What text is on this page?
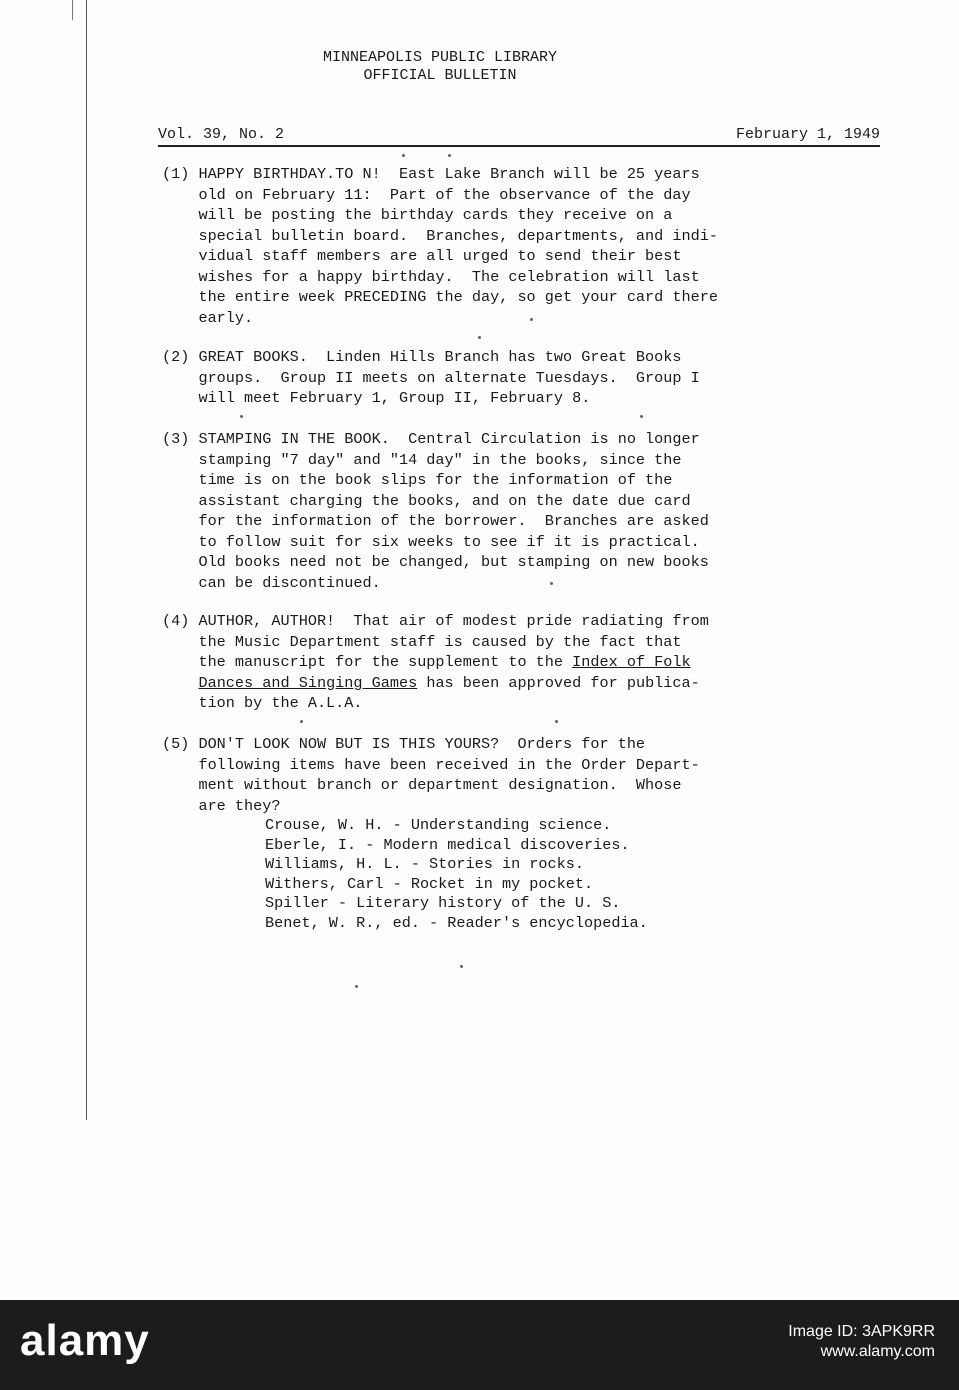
MINNEAPOLIS PUBLIC LIBRARY
OFFICIAL BULLETIN
Vol. 39, No. 2	February 1, 1949
(1) HAPPY BIRTHDAY.TO N!  East Lake Branch will be 25 years
old on February 11:  Part of the observance of the day
will be posting the birthday cards they receive on a
special bulletin board.  Branches, departments, and indi-
vidual staff members are all urged to send their best
wishes for a happy birthday.  The celebration will last
the entire week PRECEDING the day, so get your card there
early.
(2) GREAT BOOKS.  Linden Hills Branch has two Great Books
groups.  Group II meets on alternate Tuesdays.  Group I
will meet February 1, Group II, February 8.
(3) STAMPING IN THE BOOK.  Central Circulation is no longer
stamping "7 day" and "14 day" in the books, since the
time is on the book slips for the information of the
assistant charging the books, and on the date due card
for the information of the borrower.  Branches are asked
to follow suit for six weeks to see if it is practical.
Old books need not be changed, but stamping on new books
can be discontinued.
(4) AUTHOR, AUTHOR!  That air of modest pride radiating from
the Music Department staff is caused by the fact that
the manuscript for the supplement to the Index of Folk
Dances and Singing Games has been approved for publica-
tion by the A.L.A.
(5) DON'T LOOK NOW BUT IS THIS YOURS?  Orders for the
following items have been received in the Order Depart-
ment without branch or department designation.  Whose
are they?
Crouse, W. H. - Understanding science.
Eberle, I. - Modern medical discoveries.
Williams, H. L. - Stories in rocks.
Withers, Carl - Rocket in my pocket.
Spiller - Literary history of the U. S.
Benet, W. R., ed. - Reader's encyclopedia.
alamy	Image ID: 3APK9RR
www.alamy.com
